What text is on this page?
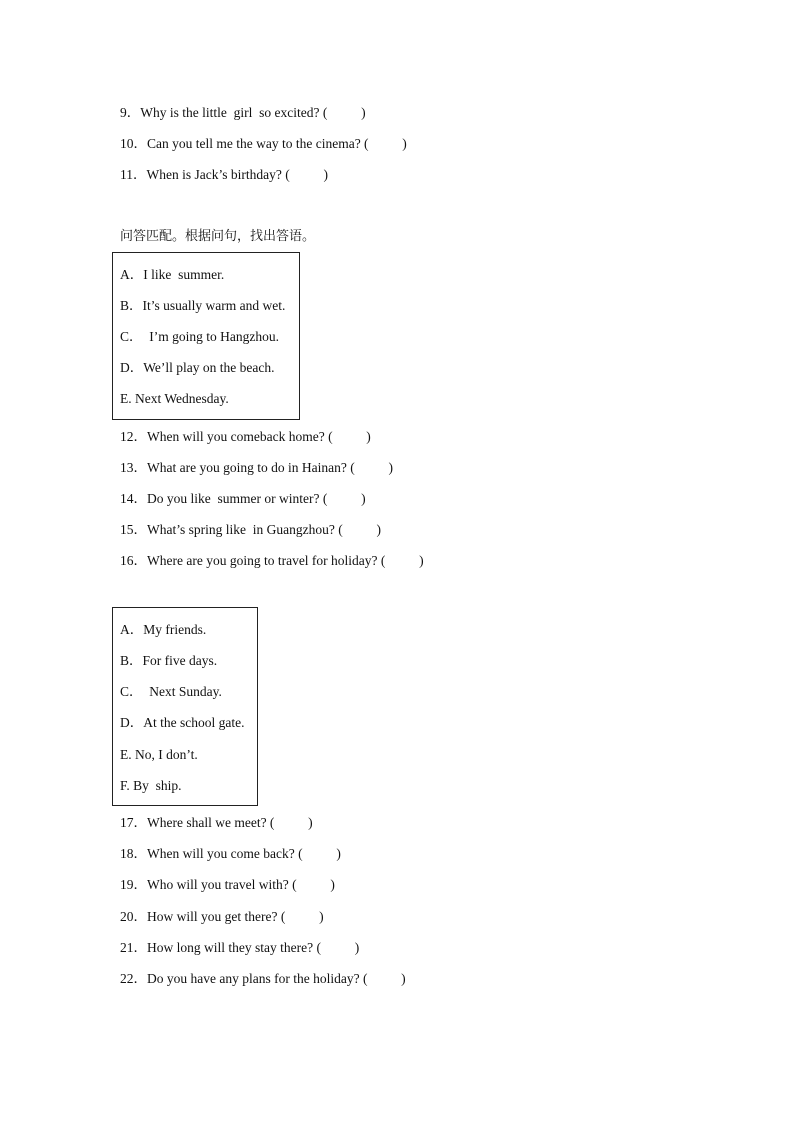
9．Why is the little  girl  so excited? (          )
10．Can you tell me the way to the cinema? (          )
11．When is Jack’s birthday? (          )
问答匹配。根据问句，找出答语。
A．I like  summer.
B．It’s usually warm and wet.
C．  I’m going to Hangzhou.
D．We’ll play on the beach.
E. Next Wednesday.
12．When will you comeback home? (          )
13．What are you going to do in Hainan? (          )
14．Do you like  summer or winter? (          )
15．What’s spring like  in Guangzhou? (          )
16．Where are you going to travel for holiday? (          )
A．My friends.
B．For five days.
C．  Next Sunday.
D．At the school gate.
E. No, I don’t.
F. By  ship.
17．Where shall we meet? (          )
18．When will you come back? (          )
19．Who will you travel with? (          )
20．How will you get there? (          )
21．How long will they stay there? (          )
22．Do you have any plans for the holiday? (          )
